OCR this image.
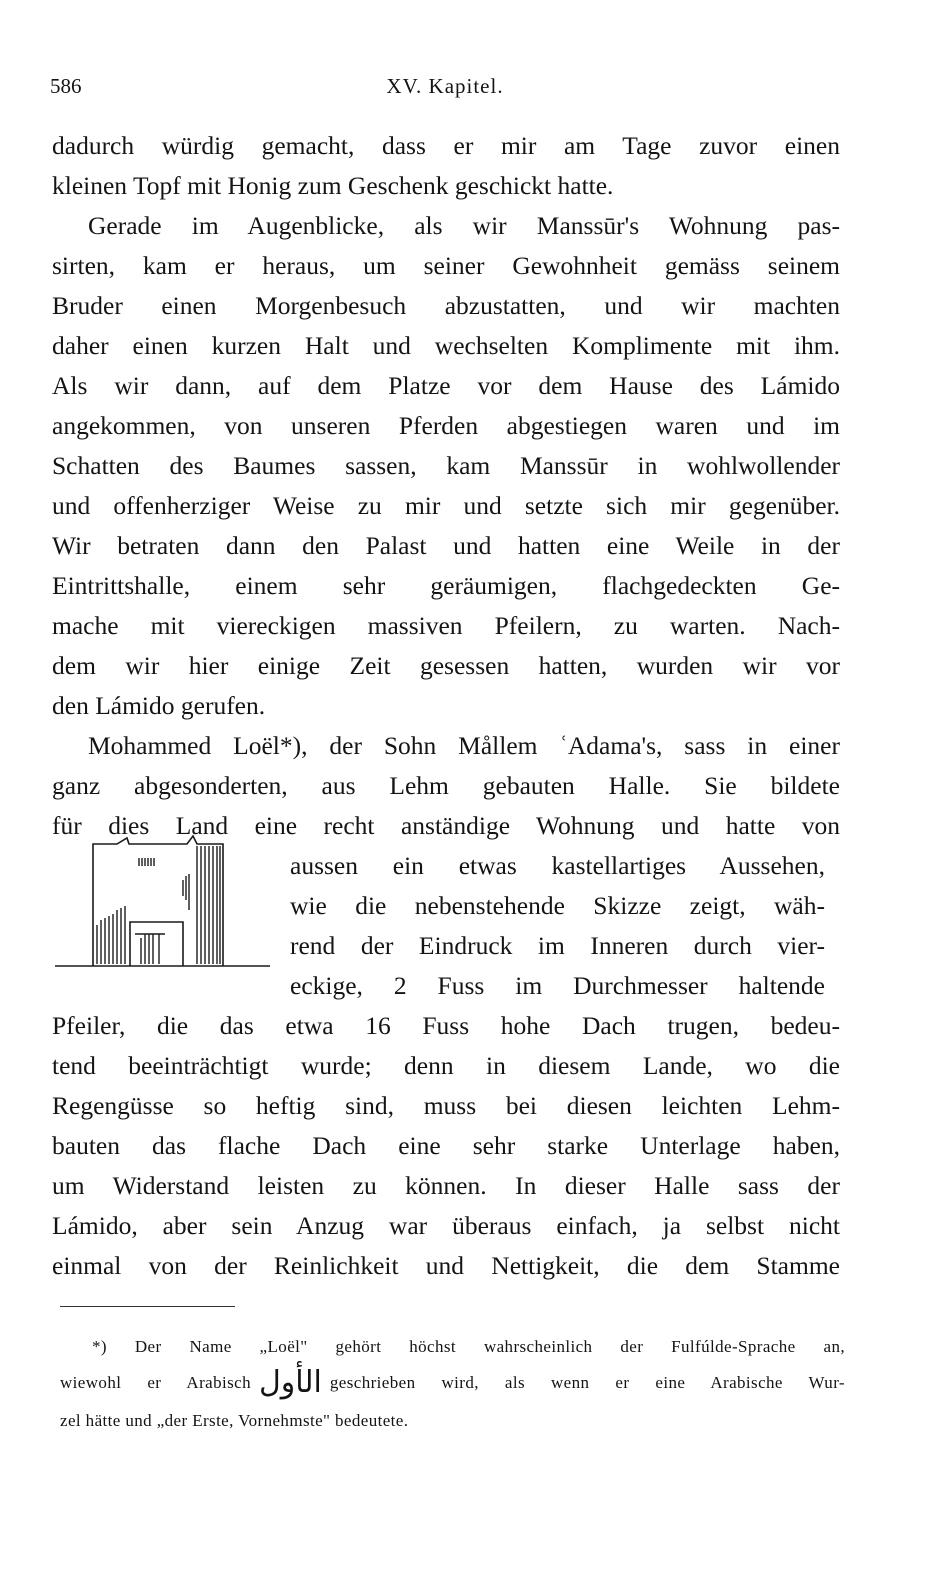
586	XV. Kapitel.
dadurch würdig gemacht, dass er mir am Tage zuvor einen
kleinen Topf mit Honig zum Geschenk geschickt hatte.
Gerade im Augenblicke, als wir Manssūr's Wohnung pas-
sirten, kam er heraus, um seiner Gewohnheit gemäss seinem
Bruder einen Morgenbesuch abzustatten, und wir machten
daher einen kurzen Halt und wechselten Komplimente mit ihm.
Als wir dann, auf dem Platze vor dem Hause des Lámido
angekommen, von unseren Pferden abgestiegen waren und im
Schatten des Baumes sassen, kam Manssūr in wohlwollender
und offenherziger Weise zu mir und setzte sich mir gegenüber.
Wir betraten dann den Palast und hatten eine Weile in der
Eintrittshalle, einem sehr geräumigen, flachgedeckten Ge-
mache mit viereckigen massiven Pfeilern, zu warten. Nach-
dem wir hier einige Zeit gesessen hatten, wurden wir vor
den Lámido gerufen.
Mohammed Loël*), der Sohn Mållem ʿAdama's, sass in einer
ganz abgesonderten, aus Lehm gebauten Halle. Sie bildete
für dies Land eine recht anständige Wohnung und hatte von
aussen ein etwas kastellartiges Aussehen,
wie die nebenstehende Skizze zeigt, wäh-
rend der Eindruck im Inneren durch vier-
eckige, 2 Fuss im Durchmesser haltende
Pfeiler, die das etwa 16 Fuss hohe Dach trugen, bedeu-
tend beeinträchtigt wurde; denn in diesem Lande, wo die
Regengüsse so heftig sind, muss bei diesen leichten Lehm-
bauten das flache Dach eine sehr starke Unterlage haben,
um Widerstand leisten zu können. In dieser Halle sass der
Lámido, aber sein Anzug war überaus einfach, ja selbst nicht
einmal von der Reinlichkeit und Nettigkeit, die dem Stamme
*) Der Name „Loël" gehört höchst wahrscheinlich der Fulfúlde-Sprache an,
wiewohl er Arabisch الأول geschrieben wird, als wenn er eine Arabische Wur-
zel hätte und „der Erste, Vornehmste" bedeutete.
